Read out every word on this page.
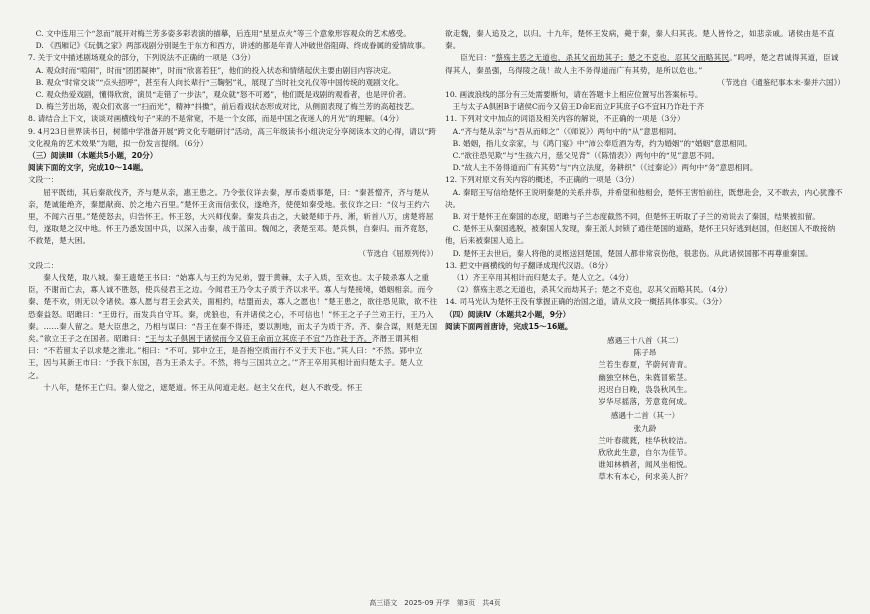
C. 文中连用三个“忽而”展开对梅兰芳多姿多彩表演的描摹，后连用“星星点火”等三个意象形容观众的艺术感受。

D. 《西厢记》《玩偶之家》两部戏剧分别诞生于东方和西方，讲述的都是年青人冲破世俗阻碍、终成眷属的爱情故事。

7. 关于文中描述剧场观众的部分，下列说法不正确的一项是（3分）

A. 观众时而“喧闹”，时而“团团凝神”，时而“欣喜若狂”，他们的投入状态和情绪起伏主要由剧目内容决定。

B. 观众“时常交谈”“点头招呼”，甚至有人向长辈行“三鞠躬”礼，展现了当时社交礼仪等中国传统的观剧文化。

C. 观众热爱戏剧，懂得欣赏，演员“走错了一步法”，观众就“怒不可遏”，他们既是戏剧的观看者，也是评价者。

D. 梅兰芳出场，观众们欢喜一“扫而光”，精神“抖擞”，前后看戏状态形成对比，从侧面表现了梅兰芳的高超技艺。

8. 请结合上下文，谈谈对画横线句子“来的不是常宽，不是一个女郎，而是中国之夜迷人的月光”的理解。（4分）

9. 4月23日世界读书日，树德中学准备开展“跨文化专题研讨”活动，高三年级读书小组决定分享阅读本文的心得，请以“跨文化视角的艺术效果”为题，拟一份发言提纲。（6分）

（三）阅读Ⅲ（本题共5小题，20分）

阅读下面的文字，完成10～14题。

文段一：

屈平既绌，其后秦欲伐齐，齐与楚从亲，惠王患之。乃令张仪详去秦，厚币委质事楚，曰：“秦甚憎齐，齐与楚从亲，楚诚能绝齐，秦愿献商、於之地六百里。”楚怀王贪而信张仪，遂绝齐，使使如秦受地。张仪诈之曰：“仪与王约六里，不闻六百里。”楚使怒去，归告怀王。怀王怒，大兴师伐秦。秦发兵击之，大破楚师于丹、淅，斩首八万，虏楚将屈匄，遂取楚之汉中地。怀王乃悉发国中兵，以深入击秦，战于蓝田。魏闻之，袭楚至邓。楚兵惧，自秦归。而齐竟怒，不救楚，楚大困。

（节选自《屈原列传》）

文段二：

秦人伐楚，取八城。秦王遗楚王书曰：“始寡人与王约为兄弟，盟于黄棘，太子入质，至欢也。太子陵杀寡人之重臣，不谢而亡去，寡人诚不胜怒，使兵侵君王之边。今闻君王乃令太子质于齐以求平。寡人与楚接境，婚姻相亲。而今秦、楚不欢，则无以令诸侯。寡人愿与君王会武关，面相约，结盟而去，寡人之愿也！”楚王患之，欲往恐见欺，欲不往恐秦益怒。昭雎曰：“王毋行，而发兵自守耳。秦，虎狼也，有并诸侯之心，不可信也！”怀王之子子兰劝王行，王乃入秦。……秦人留之。楚大臣患之，乃相与谋曰：“吾王在秦不得还，要以割地，而太子为质于齐。齐、秦合谋，则楚无国矣。”欲立王子之在国者。昭雎曰：“王与太子俱困于诸侯而今又倍王命而立其庶子不宜”乃诈赴于齐。齐湣王谓其相曰：“不若留太子以求楚之淮北。”相曰：“不可。郢中立王，是吾抱空质而行不义于天下也。”其人曰：“不然。郢中立王，因与其新王市曰：‘予我下东国，吾为王杀太子。不然，将与三国共立之。’”齐王卒用其相计而归楚太子。楚人立之。

十八年，楚怀王亡归。秦人觉之，遮楚道。怀王从间道走赵。赵主父在代，赵人不敢受。怀王

欲走魏，秦人追及之，以归。十九年，楚怀王发病，薨于秦，秦人归其丧。楚人皆怜之，如悲亲戚。诸侯由是不直秦。

臣光曰：“蔡殇主恶之无道也，杀其父而劫其子；楚之不克也，忍其父而略其民。”呜呼，楚之君诚得其道，臣诚得其人，秦虽强，乌得陵之哉！故人主不务得道而广有其势，是所以危也。”

（节选自《通鉴纪事本末·秦并六国》）

10. 画波浪线的部分有三处需要断句，请在答题卡上相应位置写出答案标号。

王与太子A俱困B于诸侯C而今又倍王D命E而立F其庶子G不宜H乃诈赴于齐

11. 下列对文中加点的词语及相关内容的解说，不正确的一项是（3分）

A.“齐与楚从亲”与“吾从而师之”（《师说》）两句中的“从”意思相同。

B. 婚姻，指儿女亲家，与《鸿门宴》中“沛公奉卮酒为寿，约为婚姻”的“婚姻”意思相同。

C.“欲往恐见欺”与“生孩六月，慈父见背”（《陈情表》）两句中的“见”意思不同。

D.“故人主不务得道而广有其势”与“内立法度，务耕织”（《过秦论》）两句中“务”意思相同。

12. 下列对原文有关内容的概述，不正确的一项是（3分）

A. 秦昭王写信给楚怀王说明秦楚的关系并恭，并希望和他相会，楚怀王害怕前往，既想赴会，又不敢去，内心犹豫不决。

B. 对于楚怀王在秦国的态度，昭雎与子兰态度截然不同，但楚怀王听取了子兰的劝说去了秦国，结果被扣留。

C. 楚怀王从秦国逃脱，被秦国人发现，秦王派人封锁了通往楚国的道路，楚怀王只好逃到赵国，但赵国人不敢接纳他，后来被秦国人追上。

D. 楚怀王去世后，秦人将他的灵柩送回楚国，楚国人都非常哀伤他，很悲伤。从此诸侯国都不再尊重秦国。

13. 把文中画横线的句子翻译成现代汉语。（8分）

（1）齐王卒用其相计而归楚太子。楚人立之。（4分）

（2）蔡殇主恶之无道也，杀其父而劫其子；楚之不克也，忍其父而略其民。（4分）

14. 司马光认为楚怀王没有掌握正确的治国之道，请从文段一概括具体事实。（3分）

（四）阅读Ⅳ（本题共2小题，9分）

阅读下面两首唐诗，完成15～16题。

感遇三十八首（其二）

陈子昂

兰若生春夏，芊蔚何青青。

幽独空林色，朱蕤冒紫茎。

迟迟白日晚，袅袅秋风生。

岁华尽摇落，芳意竟何成。

感遇十二首（其一）

张九龄

兰叶春葳蕤，桂华秋皎洁。

欣欣此生意，自尔为佳节。

谁知林栖者，闻风坐相悦。

草木有本心，何求美人折？

高三语文　2025-09 开学　第3页　共4页
